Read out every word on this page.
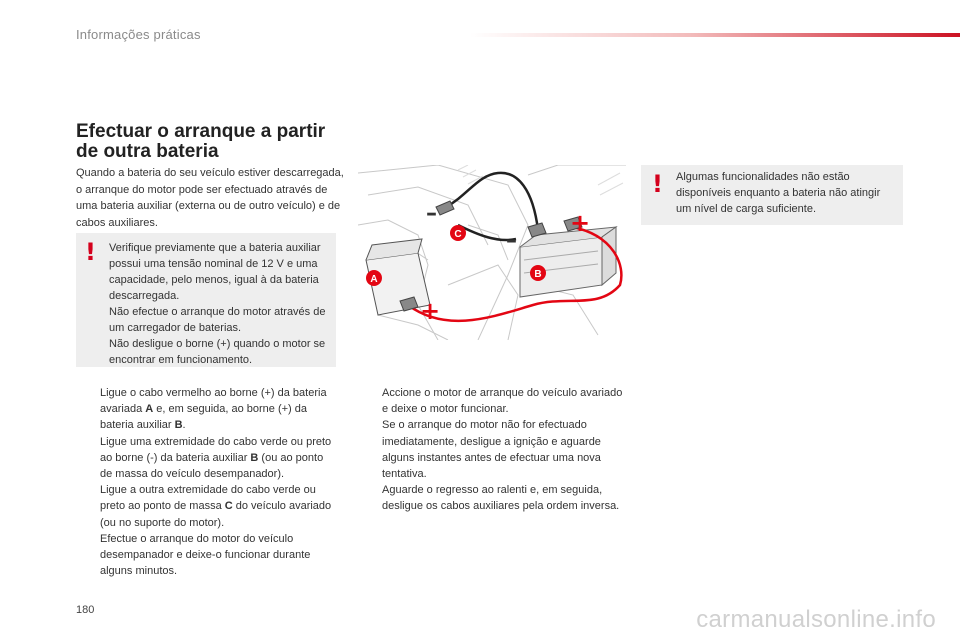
Informações práticas
Efectuar o arranque a partir
de outra bateria

Quando a bateria do seu veículo estiver descarregada, o arranque do motor pode ser efectuado através de uma bateria auxiliar (externa ou de outro veículo) e de cabos auxiliares.

! Verifique previamente que a bateria auxiliar possui uma tensão nominal de 12 V e uma capacidade, pelo menos, igual à da bateria descarregada.
Não efectue o arranque do motor através de um carregador de baterias.
Não desligue o borne (+) quando o motor se encontrar em funcionamento.
–
–
+
+
C
B
A
! Algumas funcionalidades não estão disponíveis enquanto a bateria não atingir um nível de carga suficiente.
Ligue o cabo vermelho ao borne (+) da bateria avariada A e, em seguida, ao borne (+) da bateria auxiliar B.
Ligue uma extremidade do cabo verde ou preto ao borne (-) da bateria auxiliar B (ou ao ponto de massa do veículo desempanador).
Ligue a outra extremidade do cabo verde ou preto ao ponto de massa C do veículo avariado (ou no suporte do motor).
Efectue o arranque do motor do veículo desempanador e deixe-o funcionar durante alguns minutos.
Accione o motor de arranque do veículo avariado e deixe o motor funcionar.
Se o arranque do motor não for efectuado imediatamente, desligue a ignição e aguarde alguns instantes antes de efectuar uma nova tentativa.
Aguarde o regresso ao ralenti e, em seguida, desligue os cabos auxiliares pela ordem inversa.
180	carmanualsonline.info
